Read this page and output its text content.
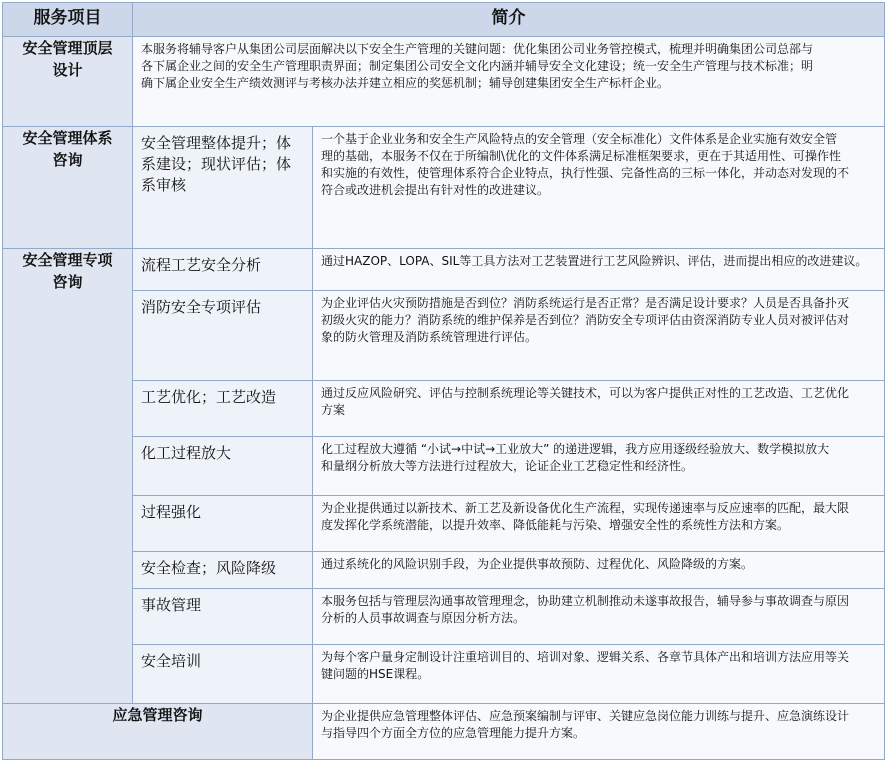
服务项目	简介	
安全管理顶层
设计	本服务将辅导客户从集团公司层面解决以下安全生产管理的关键问题：优化集团公司业务管控模式，梳理并明确集团公司总部与
各下属企业之间的安全生产管理职责界面；制定集团公司安全文化内涵并辅导安全文化建设；统一安全生产管理与技术标准；明
确下属企业安全生产绩效测评与考核办法并建立相应的奖惩机制；辅导创建集团安全生产标杆企业。	
安全管理体系
咨询	安全管理整体提升；体系建设；现状评估；体系审核	一个基于企业业务和安全生产风险特点的安全管理（安全标准化）文件体系是企业实施有效安全管
理的基础，本服务不仅在于所编制\优化的文件体系满足标准框架要求，更在于其适用性、可操作性
和实施的有效性，使管理体系符合企业特点，执行性强、完备性高的三标一体化，并动态对发现的不
符合或改进机会提出有针对性的改进建议。
安全管理专项
咨询	流程工艺安全分析	通过HAZOP、LOPA、SIL等工具方法对工艺装置进行工艺风险辨识、评估，进而提出相应的改进建议。
	消防安全专项评估	为企业评估火灾预防措施是否到位？消防系统运行是否正常？是否满足设计要求？人员是否具备扑灭
初级火灾的能力？消防系统的维护保养是否到位？消防安全专项评估由资深消防专业人员对被评估对
象的防火管理及消防系统管理进行评估。
	工艺优化；工艺改造	通过反应风险研究、评估与控制系统理论等关键技术，可以为客户提供正对性的工艺改造、工艺优化
方案
	化工过程放大	化工过程放大遵循 “小试→中试→工业放大” 的递进逻辑，我方应用逐级经验放大、数学模拟放大
和量纲分析放大等方法进行过程放大，论证企业工艺稳定性和经济性。
	过程强化	为企业提供通过以新技术、新工艺及新设备优化生产流程，实现传递速率与反应速率的匹配，最大限
度发挥化学系统潜能，以提升效率、降低能耗与污染、增强安全性的系统性方法和方案。
	安全检查；风险降级	通过系统化的风险识别手段，为企业提供事故预防、过程优化、风险降级的方案。
	事故管理	本服务包括与管理层沟通事故管理理念，协助建立机制推动未遂事故报告，辅导参与事故调查与原因
分析的人员事故调查与原因分析方法。
	安全培训	为每个客户量身定制设计注重培训目的、培训对象、逻辑关系、各章节具体产出和培训方法应用等关
键问题的HSE课程。
应急管理咨询		为企业提供应急管理整体评估、应急预案编制与评审、关键应急岗位能力训练与提升、应急演练设计
与指导四个方面全方位的应急管理能力提升方案。
